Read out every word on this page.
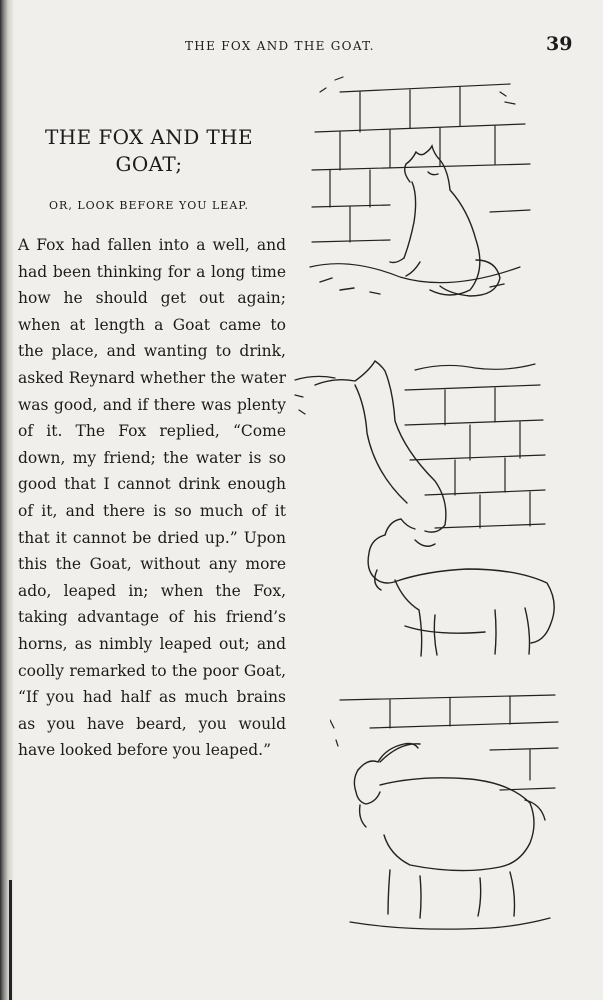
THE FOX AND THE GOAT.	39
THE FOX AND THE GOAT;
OR, LOOK BEFORE YOU LEAP.
A Fox had fallen into a well, and had been thinking for a long time how he should get out again; when at length a Goat came to the place, and wanting to drink, asked Reynard whether the water was good, and if there was plenty of it. The Fox replied, “Come down, my friend; the water is so good that I cannot drink enough of it, and there is so much of it that it cannot be dried up.” Upon this the Goat, without any more ado, leaped in; when the Fox, taking advantage of his friend’s horns, as nimbly leaped out; and coolly remarked to the poor Goat, “If you had half as much brains as you have beard, you would have looked before you leaped.”
